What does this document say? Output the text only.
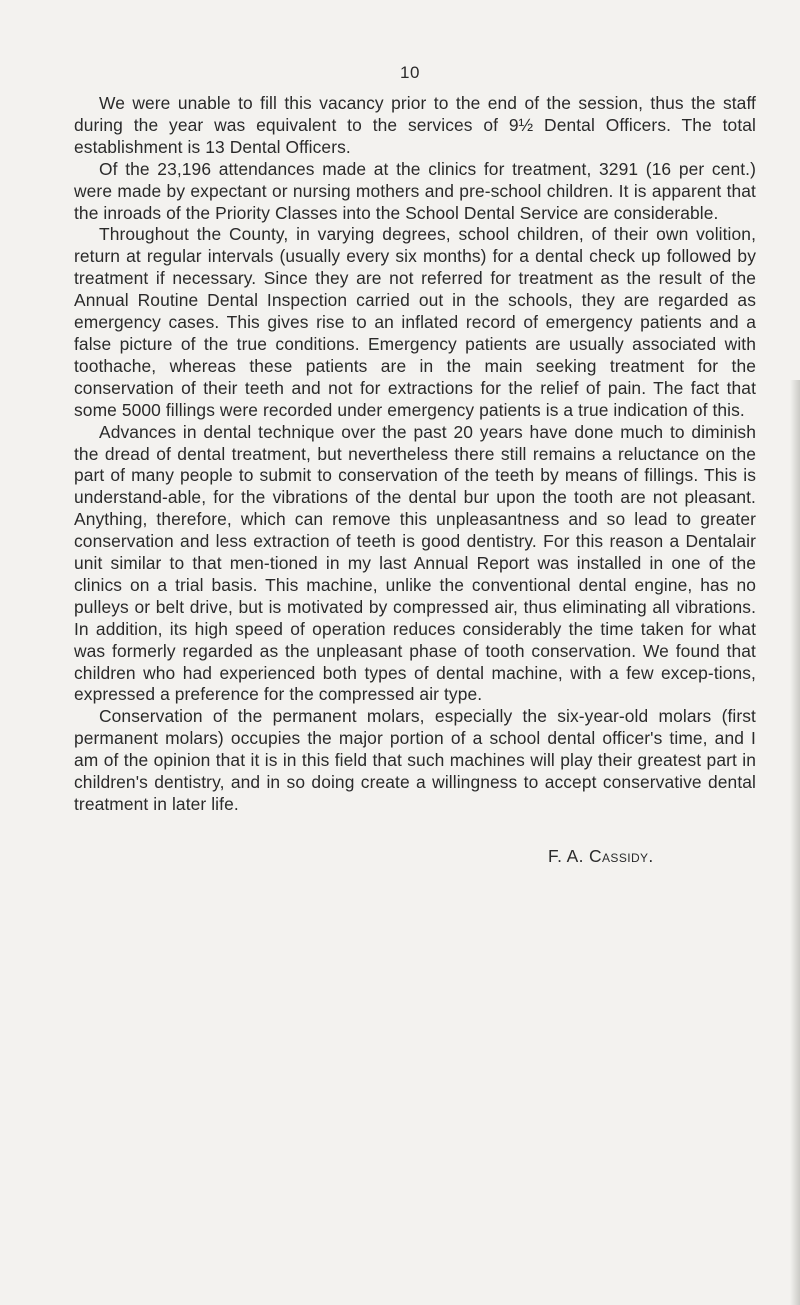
10

We were unable to fill this vacancy prior to the end of the session, thus the staff during the year was equivalent to the services of 9½ Dental Officers. The total establishment is 13 Dental Officers.

Of the 23,196 attendances made at the clinics for treatment, 3291 (16 per cent.) were made by expectant or nursing mothers and pre-school children. It is apparent that the inroads of the Priority Classes into the School Dental Service are considerable.

Throughout the County, in varying degrees, school children, of their own volition, return at regular intervals (usually every six months) for a dental check up followed by treatment if necessary. Since they are not referred for treatment as the result of the Annual Routine Dental Inspection carried out in the schools, they are regarded as emergency cases. This gives rise to an inflated record of emergency patients and a false picture of the true conditions. Emergency patients are usually associated with toothache, whereas these patients are in the main seeking treatment for the conservation of their teeth and not for extractions for the relief of pain. The fact that some 5000 fillings were recorded under emergency patients is a true indication of this.

Advances in dental technique over the past 20 years have done much to diminish the dread of dental treatment, but nevertheless there still remains a reluctance on the part of many people to submit to conservation of the teeth by means of fillings. This is understand-able, for the vibrations of the dental bur upon the tooth are not pleasant. Anything, therefore, which can remove this unpleasantness and so lead to greater conservation and less extraction of teeth is good dentistry. For this reason a Dentalair unit similar to that men-tioned in my last Annual Report was installed in one of the clinics on a trial basis. This machine, unlike the conventional dental engine, has no pulleys or belt drive, but is motivated by compressed air, thus eliminating all vibrations. In addition, its high speed of operation reduces considerably the time taken for what was formerly regarded as the unpleasant phase of tooth conservation. We found that children who had experienced both types of dental machine, with a few excep-tions, expressed a preference for the compressed air type.

Conservation of the permanent molars, especially the six-year-old molars (first permanent molars) occupies the major portion of a school dental officer's time, and I am of the opinion that it is in this field that such machines will play their greatest part in children's dentistry, and in so doing create a willingness to accept conservative dental treatment in later life.

F. A. Cassidy.
